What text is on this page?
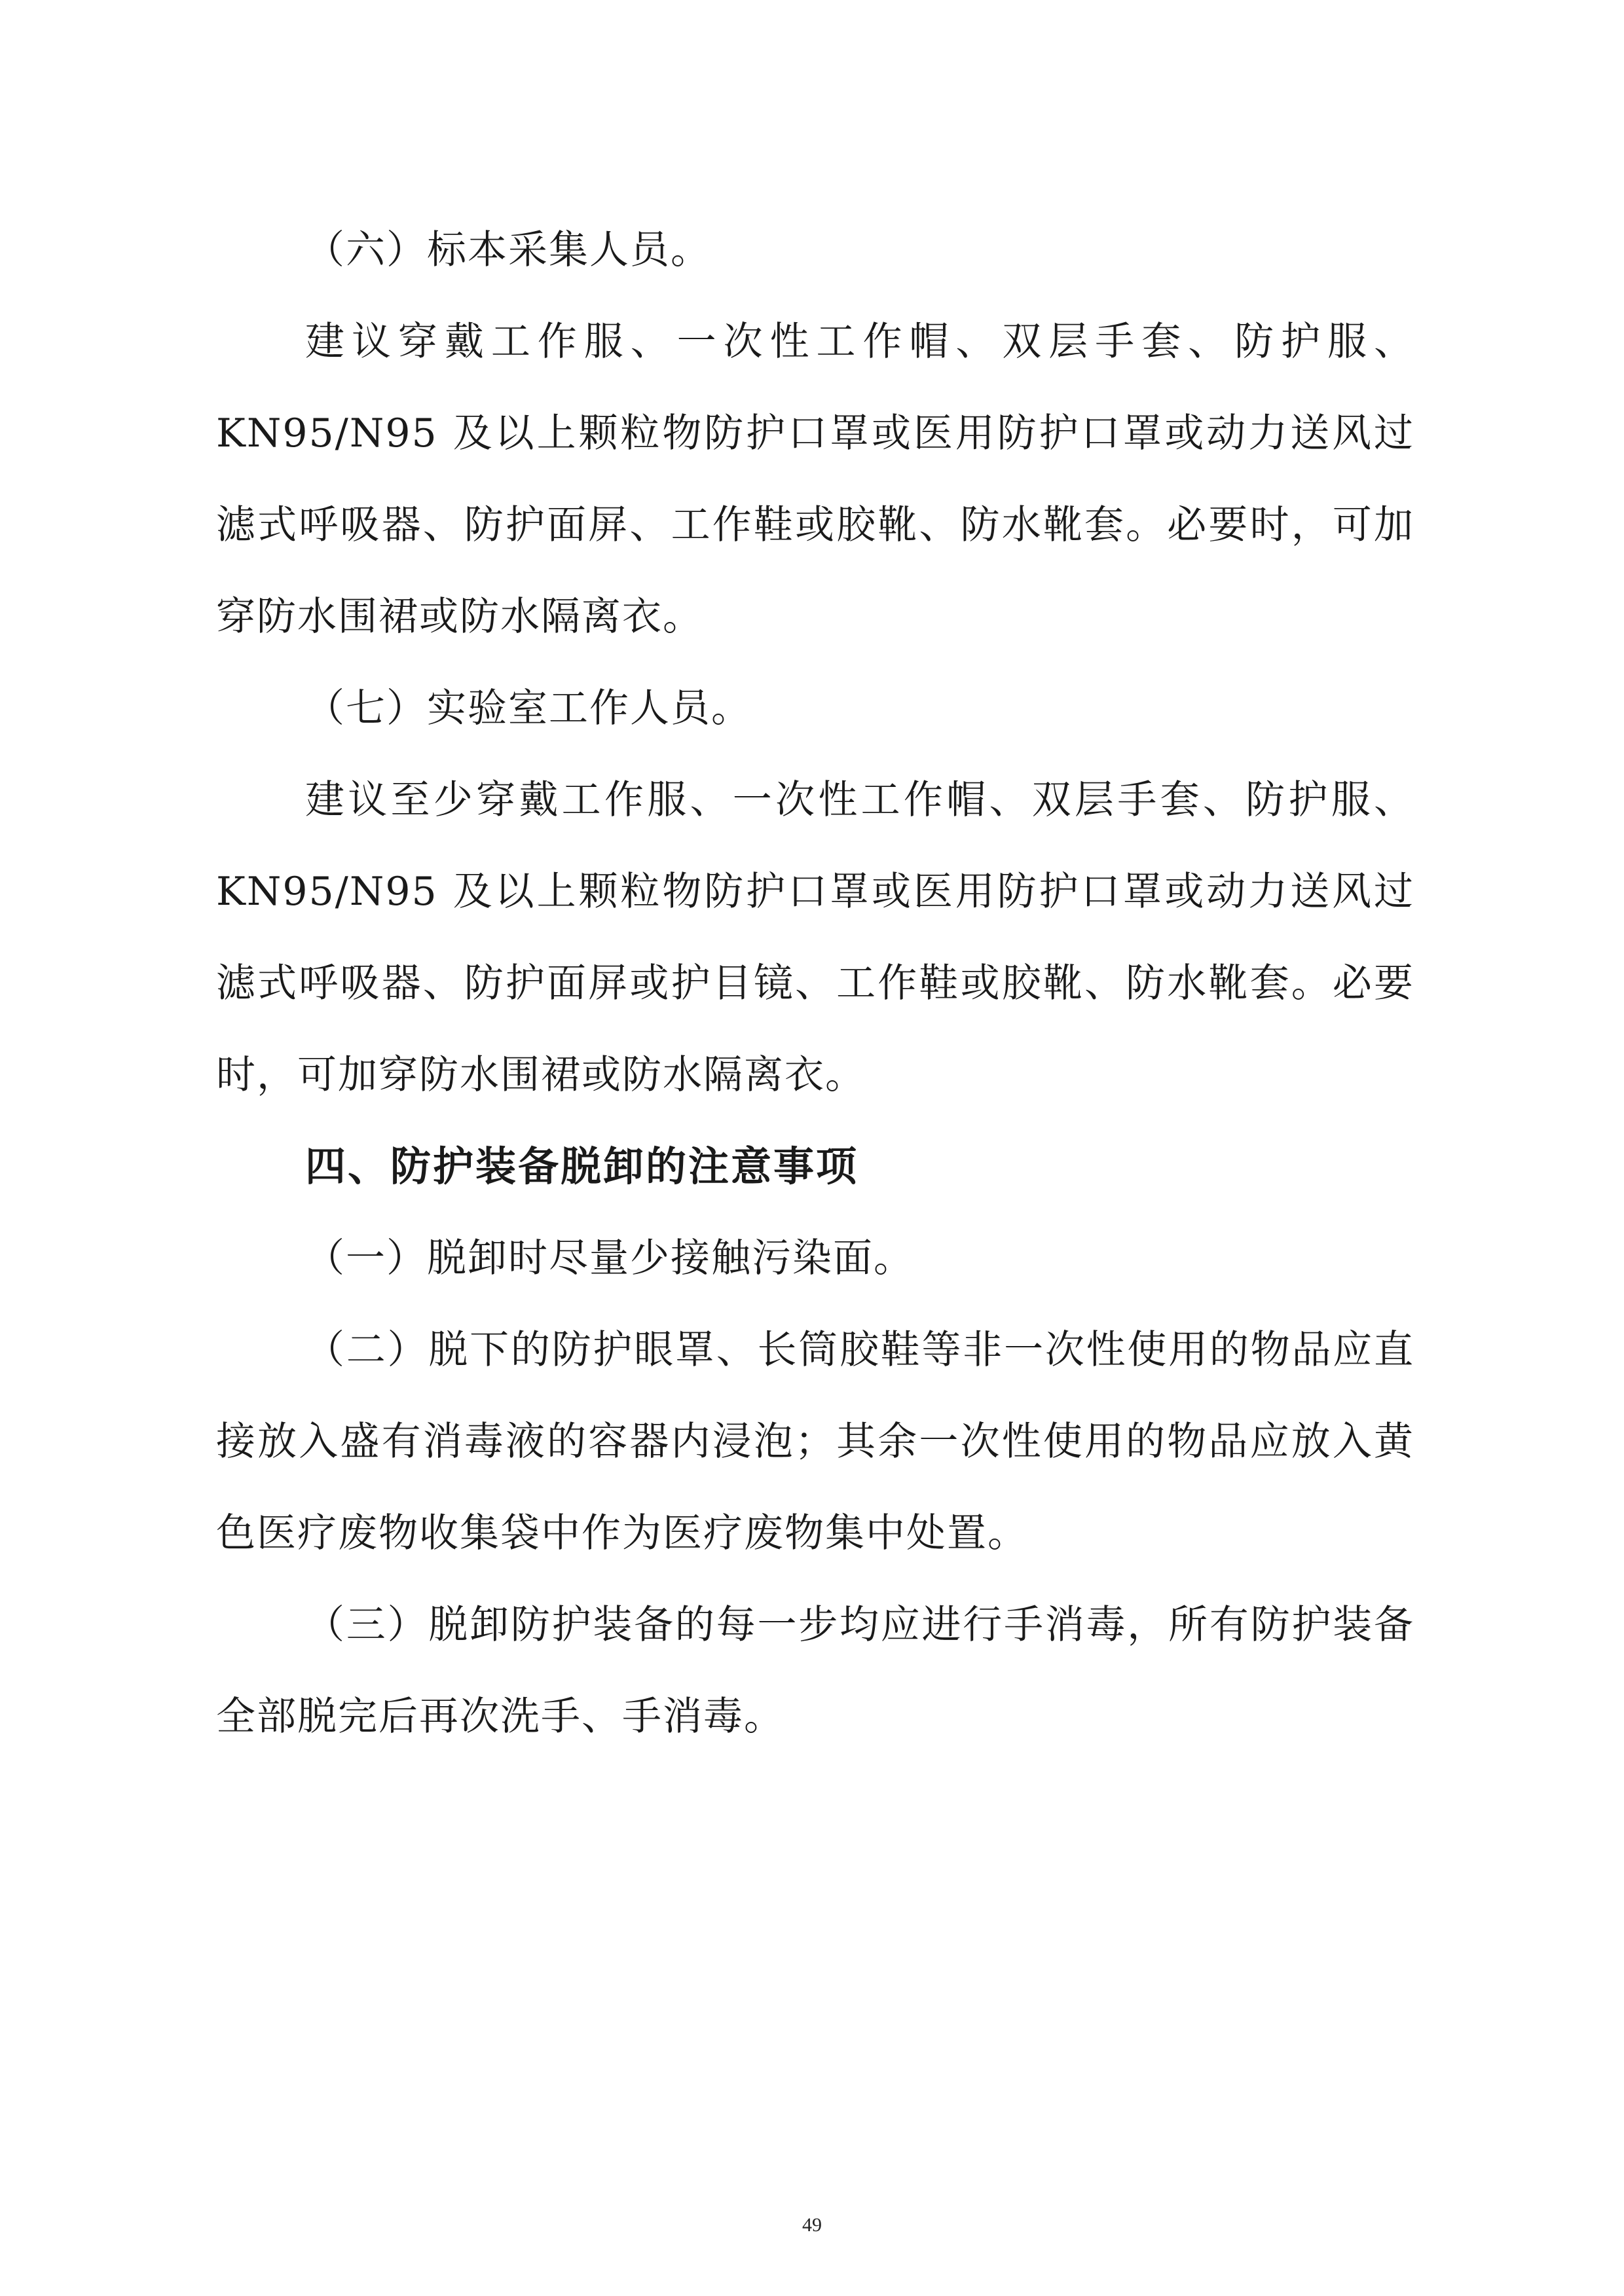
（六）标本采集人员。

建议穿戴工作服、一次性工作帽、双层手套、防护服、KN95/N95 及以上颗粒物防护口罩或医用防护口罩或动力送风过滤式呼吸器、防护面屏、工作鞋或胶靴、防水靴套。必要时，可加穿防水围裙或防水隔离衣。

（七）实验室工作人员。

建议至少穿戴工作服、一次性工作帽、双层手套、防护服、KN95/N95 及以上颗粒物防护口罩或医用防护口罩或动力送风过滤式呼吸器、防护面屏或护目镜、工作鞋或胶靴、防水靴套。必要时，可加穿防水围裙或防水隔离衣。

四、防护装备脱卸的注意事项

（一）脱卸时尽量少接触污染面。

（二）脱下的防护眼罩、长筒胶鞋等非一次性使用的物品应直接放入盛有消毒液的容器内浸泡；其余一次性使用的物品应放入黄色医疗废物收集袋中作为医疗废物集中处置。

（三）脱卸防护装备的每一步均应进行手消毒，所有防护装备全部脱完后再次洗手、手消毒。

49
